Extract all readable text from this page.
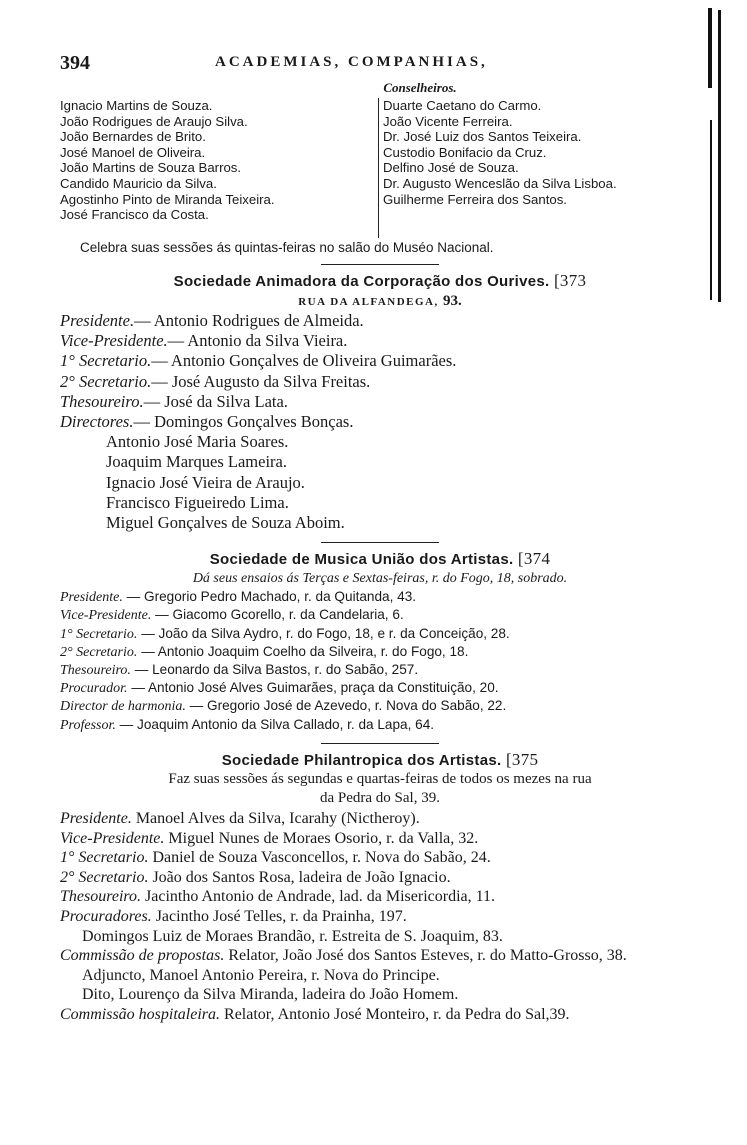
394	ACADEMIAS, COMPANHIAS,
Conselheiros.
Ignacio Martins de Souza.
João Rodrigues de Araujo Silva.
João Bernardes de Brito.
José Manoel de Oliveira.
João Martins de Souza Barros.
Candido Mauricio da Silva.
Agostinho Pinto de Miranda Teixeira.
José Francisco da Costa.
Duarte Caetano do Carmo.
João Vicente Ferreira.
Dr. José Luiz dos Santos Teixeira.
Custodio Bonifacio da Cruz.
Delfino José de Souza.
Dr. Augusto Wenceslão da Silva Lisboa.
Guilherme Ferreira dos Santos.
Celebra suas sessões ás quintas-feiras no salão do Muséo Nacional.
Sociedade Animadora da Corporação dos Ourives. [373
RUA DA ALFANDEGA, 93.
Presidente.— Antonio Rodrigues de Almeida.
Vice-Presidente.— Antonio da Silva Vieira.
1° Secretario.— Antonio Gonçalves de Oliveira Guimarães.
2° Secretario.— José Augusto da Silva Freitas.
Thesoureiro.— José da Silva Lata.
Directores.— Domingos Gonçalves Bonças.
Antonio José Maria Soares.
Joaquim Marques Lameira.
Ignacio José Vieira de Araujo.
Francisco Figueiredo Lima.
Miguel Gonçalves de Souza Aboim.
Sociedade de Musica União dos Artistas. [374
Dá seus ensaios ás Terças e Sextas-feiras, r. do Fogo, 18, sobrado.
Presidente. — Gregorio Pedro Machado, r. da Quitanda, 43.
Vice-Presidente. — Giacomo Gcorello, r. da Candelaria, 6.
1° Secretario. — João da Silva Aydro, r. do Fogo, 18, e r. da Conceição, 28.
2° Secretario. — Antonio Joaquim Coelho da Silveira, r. do Fogo, 18.
Thesoureiro. — Leonardo da Silva Bastos, r. do Sabão, 257.
Procurador. — Antonio José Alves Guimarães, praça da Constituição, 20.
Director de harmonia. — Gregorio José de Azevedo, r. Nova do Sabão, 22.
Professor. — Joaquim Antonio da Silva Callado, r. da Lapa, 64.
Sociedade Philantropica dos Artistas. [375
Faz suas sessões ás segundas e quartas-feiras de todos os mezes na rua
da Pedra do Sal, 39.
Presidente. Manoel Alves da Silva, Icarahy (Nictheroy).
Vice-Presidente. Miguel Nunes de Moraes Osorio, r. da Valla, 32.
1° Secretario. Daniel de Souza Vasconcellos, r. Nova do Sabão, 24.
2° Secretario. João dos Santos Rosa, ladeira de João Ignacio.
Thesoureiro. Jacintho Antonio de Andrade, lad. da Misericordia, 11.
Procuradores. Jacintho José Telles, r. da Prainha, 197.
Domingos Luiz de Moraes Brandão, r. Estreita de S. Joaquim, 83.
Commissão de propostas. Relator, João José dos Santos Esteves, r. do Matto-Grosso, 38.
Adjuncto, Manoel Antonio Pereira, r. Nova do Principe.
Dito, Lourenço da Silva Miranda, ladeira do João Homem.
Commissão hospitaleira. Relator, Antonio José Monteiro, r. da Pedra do Sal,39.
